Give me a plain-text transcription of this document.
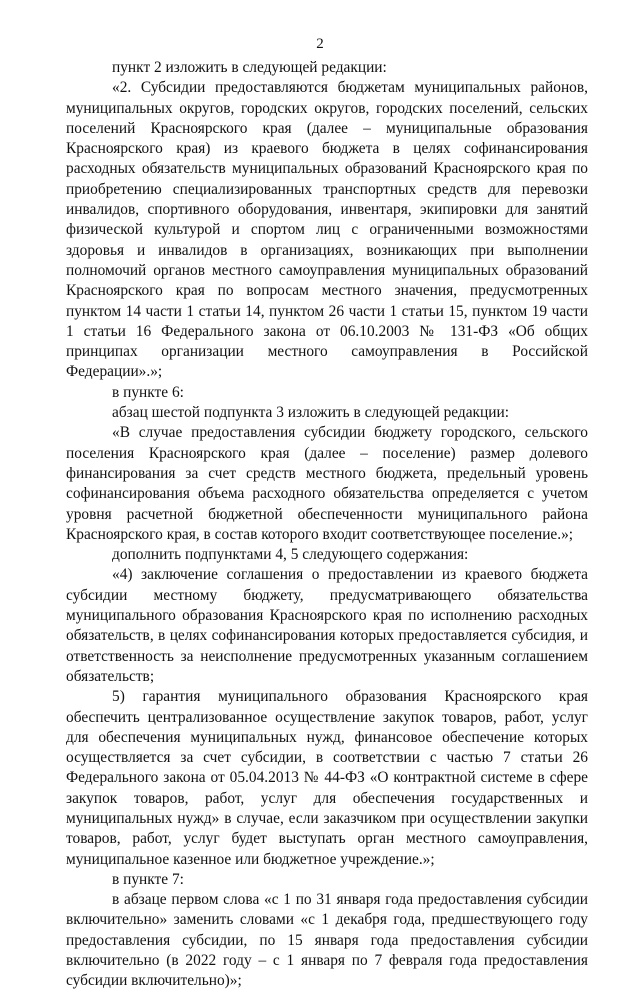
2

пункт 2 изложить в следующей редакции:

«2. Субсидии предоставляются бюджетам муниципальных районов, муниципальных округов, городских округов, городских поселений, сельских поселений Красноярского края (далее – муниципальные образования Красноярского края) из краевого бюджета в целях софинансирования расходных обязательств муниципальных образований Красноярского края по приобретению специализированных транспортных средств для перевозки инвалидов, спортивного оборудования, инвентаря, экипировки для занятий физической культурой и спортом лиц с ограниченными возможностями здоровья и инвалидов в организациях, возникающих при выполнении полномочий органов местного самоуправления муниципальных образований Красноярского края по вопросам местного значения, предусмотренных пунктом 14 части 1 статьи 14, пунктом 26 части 1 статьи 15, пунктом 19 части 1 статьи 16 Федерального закона от 06.10.2003 № 131-ФЗ «Об общих принципах организации местного самоуправления в Российской Федерации».»;

в пункте 6:

абзац шестой подпункта 3 изложить в следующей редакции:

«В случае предоставления субсидии бюджету городского, сельского поселения Красноярского края (далее – поселение) размер долевого финансирования за счет средств местного бюджета, предельный уровень софинансирования объема расходного обязательства определяется с учетом уровня расчетной бюджетной обеспеченности муниципального района Красноярского края, в состав которого входит соответствующее поселение.»;

дополнить подпунктами 4, 5 следующего содержания:

«4) заключение соглашения о предоставлении из краевого бюджета субсидии местному бюджету, предусматривающего обязательства муниципального образования Красноярского края по исполнению расходных обязательств, в целях софинансирования которых предоставляется субсидия, и ответственность за неисполнение предусмотренных указанным соглашением обязательств;

5) гарантия муниципального образования Красноярского края обеспечить централизованное осуществление закупок товаров, работ, услуг для обеспечения муниципальных нужд, финансовое обеспечение которых осуществляется за счет субсидии, в соответствии с частью 7 статьи 26 Федерального закона от 05.04.2013 № 44-ФЗ «О контрактной системе в сфере закупок товаров, работ, услуг для обеспечения государственных и муниципальных нужд» в случае, если заказчиком при осуществлении закупки товаров, работ, услуг будет выступать орган местного самоуправления, муниципальное казенное или бюджетное учреждение.»;

в пункте 7:

в абзаце первом слова «с 1 по 31 января года предоставления субсидии включительно» заменить словами «с 1 декабря года, предшествующего году предоставления субсидии, по 15 января года предоставления субсидии включительно (в 2022 году – с 1 января по 7 февраля года предоставления субсидии включительно)»;
